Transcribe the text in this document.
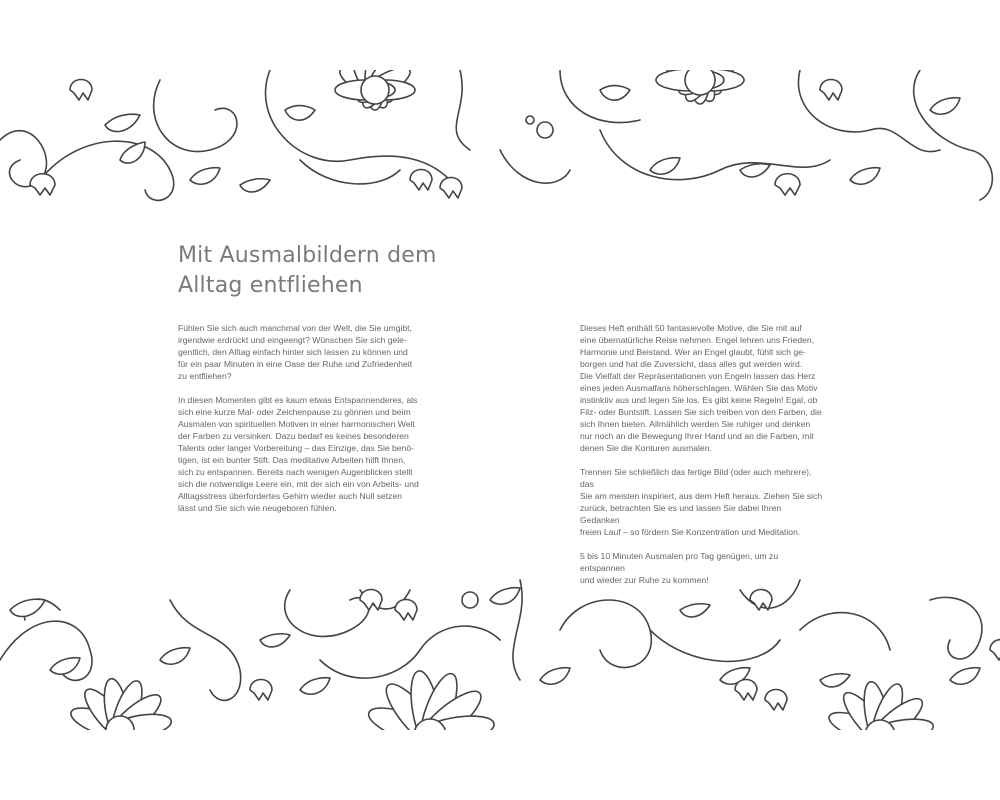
Mit Ausmalbildern dem
Alltag entfliehen

Fühlen Sie sich auch manchmal von der Welt, die Sie umgibt,
irgendwie erdrückt und eingeengt? Wünschen Sie sich gele-
gentlich, den Alltag einfach hinter sich lassen zu können und
für ein paar Minuten in eine Oase der Ruhe und Zufriedenheit
zu entfliehen?

In diesen Momenten gibt es kaum etwas Entspannenderes, als
sich eine kurze Mal- oder Zeichenpause zu gönnen und beim
Ausmalen von spirituellen Motiven in einer harmonischen Welt
der Farben zu versinken. Dazu bedarf es keines besonderen
Talents oder langer Vorbereitung – das Einzige, das Sie benö-
tigen, ist ein bunter Stift. Das meditative Arbeiten hilft Ihnen,
sich zu entspannen. Bereits nach wenigen Augenblicken stellt
sich die notwendige Leere ein, mit der sich ein von Arbeits- und
Alltagsstress überfordertes Gehirn wieder auch Null setzen
lässt und Sie sich wie neugeboren fühlen.

Dieses Heft enthält 50 fantasievolle Motive, die Sie mit auf
eine übernatürliche Reise nehmen. Engel lehren uns Frieden,
Harmonie und Beistand. Wer an Engel glaubt, fühlt sich ge-
borgen und hat die Zuversicht, dass alles gut werden wird.
Die Vielfalt der Repräsentationen von Engeln lassen das Herz
eines jeden Ausmalfans höherschlagen. Wählen Sie das Motiv
instinktiv aus und legen Sie los. Es gibt keine Regeln! Egal, ob
Filz- oder Buntstift. Lassen Sie sich treiben von den Farben, die
sich Ihnen bieten. Allmählich werden Sie ruhiger und denken
nur noch an die Bewegung Ihrer Hand und an die Farben, mit
denen Sie die Konturen ausmalen.

Trennen Sie schließlich das fertige Bild (oder auch mehrere), das
Sie am meisten inspiriert, aus dem Heft heraus. Ziehen Sie sich
zurück, betrachten Sie es und lassen Sie dabei Ihren Gedanken
freien Lauf – so fördern Sie Konzentration und Meditation.

5 bis 10 Minuten Ausmalen pro Tag genügen, um zu entspannen
und wieder zur Ruhe zu kommen!
